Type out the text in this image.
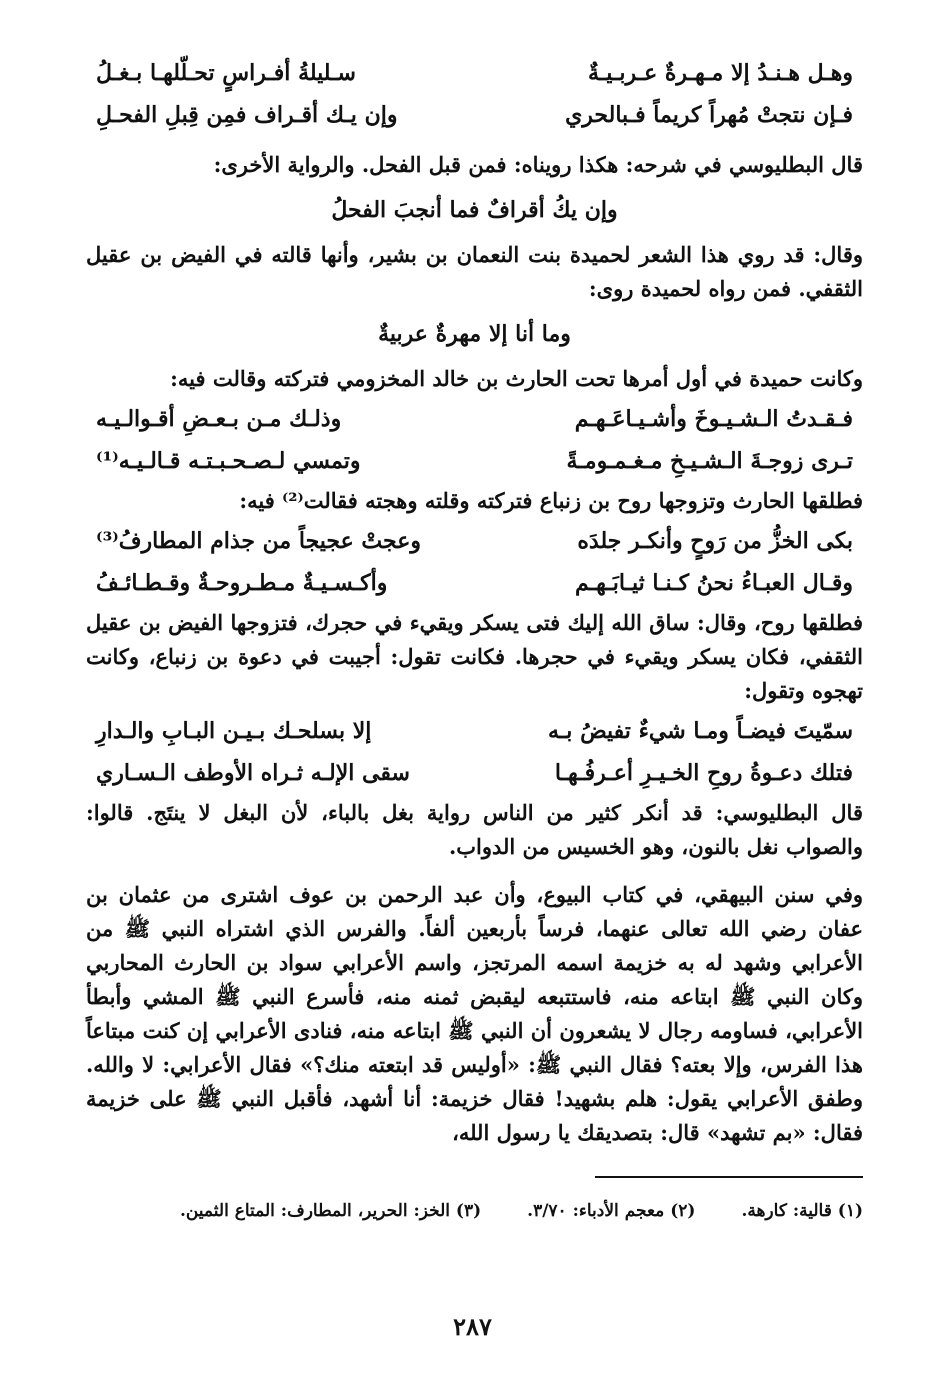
وهـل هـنـدُ إلا مـهـرةٌ عـربـيـةٌ
سـليلةُ أفـراسٍ تحـلّلهـا بـغـلُ
فـإن نتجتْ مُهراً كريماً فـبالحري
وإن يـك أقـراف فمِن قِبلِ الفحـلِ

قال البطليوسي في شرحه: هكذا رويناه: فمن قبل الفحل. والرواية الأخرى:

وإن يكُ أقرافٌ فما أنجبَ الفحلُ

وقال: قد روي هذا الشعر لحميدة بنت النعمان بن بشير، وأنها قالته في الفيض بن عقيل الثقفي. فمن رواه لحميدة روى:

وما أنا إلا مهرةٌ عربيةٌ

وكانت حميدة في أول أمرها تحت الحارث بن خالد المخزومي فتركته وقالت فيه:

فـقـدتُ الـشـيـوخَ وأشـيـاعَـهـم
وذلـك مـن بـعـضِ أقـوالـيـه
تـرى زوجـةَ الـشـيـخِ مـغـمـومـةً
وتمسي لـصـحـبـتـه قـالـيـه⁽¹⁾

فطلقها الحارث وتزوجها روح بن زنباع فتركته وقلته وهجته فقالت⁽²⁾ فيه:

بكى الخزُّ من رَوحٍ وأنكـر جلدَه
وعجتْ عجيجاً من جذام المطارفُ⁽³⁾
وقـال العبـاءُ نحنُ كـنـا ثيـابَـهـم
وأكـسـيـةٌ مـطـروحـةٌ وقـطـائـفُ

فطلقها روح، وقال: ساق الله إليك فتى يسكر ويقيء في حجرك، فتزوجها الفيض بن عقيل الثقفي، فكان يسكر ويقيء في حجرها. فكانت تقول: أجيبت في دعوة بن زنباع، وكانت تهجوه وتقول:

سمّيتَ فيضـاً ومـا شيءٌ تفيضُ بـه
إلا بسلحـك بـيـن البـابِ والـدارِ
فتلك دعـوةُ روحِ الخـيـرِ أعـرفُـهـا
سقى الإلـه ثـراه الأوطف الـسـاري

قال البطليوسي: قد أنكر كثير من الناس رواية بغل بالباء، لأن البغل لا ينتَج. قالوا: والصواب نغل بالنون، وهو الخسيس من الدواب.

وفي سنن البيهقي، في كتاب البيوع، وأن عبد الرحمن بن عوف اشترى من عثمان بن عفان رضي الله تعالى عنهما، فرساً بأربعين ألفاً. والفرس الذي اشتراه النبي ﷺ من الأعرابي وشهد له به خزيمة اسمه المرتجز، واسم الأعرابي سواد بن الحارث المحاربي وكان النبي ﷺ ابتاعه منه، فاستتبعه ليقبض ثمنه منه، فأسرع النبي ﷺ المشي وأبطأ الأعرابي، فساومه رجال لا يشعرون أن النبي ﷺ ابتاعه منه، فنادى الأعرابي إن كنت مبتاعاً هذا الفرس، وإلا بعته؟ فقال النبي ﷺ: «أوليس قد ابتعته منك؟» فقال الأعرابي: لا والله. وطفق الأعرابي يقول: هلم بشهيد! فقال خزيمة: أنا أشهد، فأقبل النبي ﷺ على خزيمة فقال: «بم تشهد» قال: بتصديقك يا رسول الله،

(١) قالية: كارهة.
(٢) معجم الأدباء: ٣/٧٠.
(٣) الخز: الحرير، المطارف: المتاع الثمين.
٢٨٧
